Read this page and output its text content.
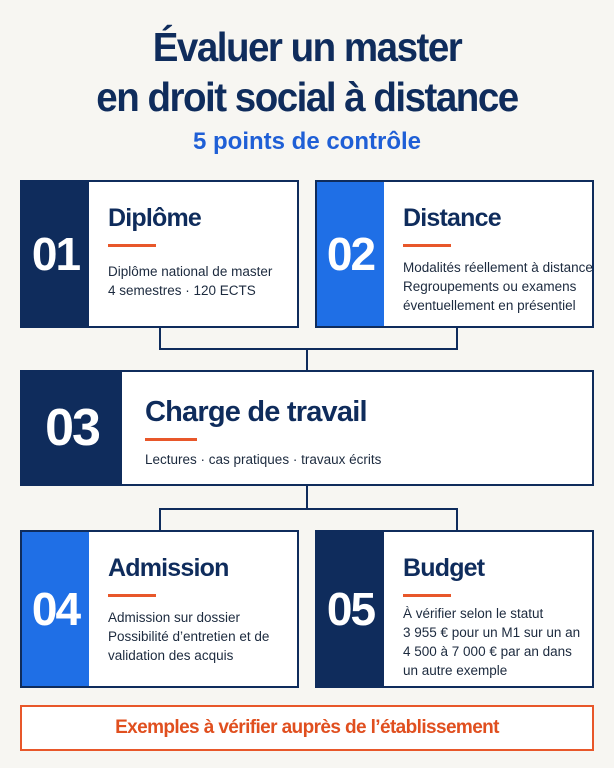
Évaluer un master
en droit social à distance
5 points de contrôle
01
Diplôme
Diplôme national de master
4 semestres · 120 ECTS
02
Distance
Modalités réellement à distance
Regroupements ou examens
éventuellement en présentiel
03	Charge de travail
Lectures · cas pratiques · travaux écrits
04
Admission
Admission sur dossier
Possibilité d’entretien et de
validation des acquis
05
Budget
À vérifier selon le statut
3 955 € pour un M1 sur un an
4 500 à 7 000 € par an dans
un autre exemple
Exemples à vérifier auprès de l’établissement
